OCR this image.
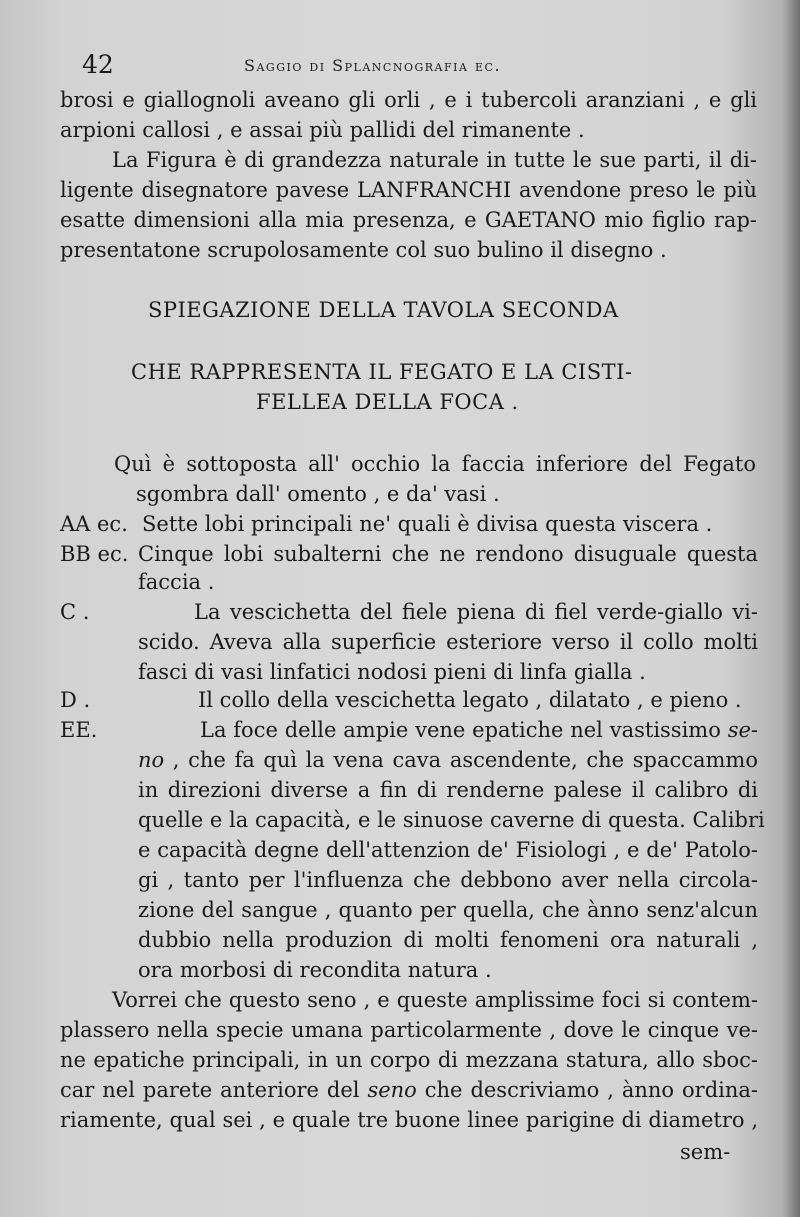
42	Saggio di Splancnografia ec.
brosi e giallognoli aveano gli orli , e i tubercoli aranziani , e gli
arpioni callosi , e assai più pallidi del rimanente .
La Figura è di grandezza naturale in tutte le sue parti, il di-
ligente disegnatore pavese LANFRANCHI avendone preso le più
esatte dimensioni alla mia presenza, e GAETANO mio figlio rap-
presentatone scrupolosamente col suo bulino il disegno .
SPIEGAZIONE DELLA TAVOLA SECONDA
CHE RAPPRESENTA IL FEGATO E LA CISTI-
FELLEA DELLA FOCA .
Quì è sottoposta all' occhio la faccia inferiore del Fegato
sgombra dall' omento , e da' vasi .
AA ec. Sette lobi principali ne' quali è divisa questa viscera .
BB ec. Cinque lobi subalterni che ne rendono disuguale questa
faccia .
C .	La vescichetta del fiele piena di fiel verde-giallo vi-
scido. Aveva alla superficie esteriore verso il collo molti
fasci di vasi linfatici nodosi pieni di linfa gialla .
D .	Il collo della vescichetta legato , dilatato , e pieno .
EE.	La foce delle ampie vene epatiche nel vastissimo se-
no , che fa quì la vena cava ascendente, che spaccammo
in direzioni diverse a fin di renderne palese il calibro di
quelle e la capacità, e le sinuose caverne di questa. Calibri
e capacità degne dell'attenzion de' Fisiologi , e de' Patolo-
gi , tanto per l'influenza che debbono aver nella circola-
zione del sangue , quanto per quella, che ànno senz'alcun
dubbio nella produzion di molti fenomeni ora naturali ,
ora morbosi di recondita natura .
Vorrei che questo seno , e queste amplissime foci si contem-
plassero nella specie umana particolarmente , dove le cinque ve-
ne epatiche principali, in un corpo di mezzana statura, allo sboc-
car nel parete anteriore del seno che descriviamo , ànno ordina-
riamente, qual sei , e quale tre buone linee parigine di diametro ,
sem-
